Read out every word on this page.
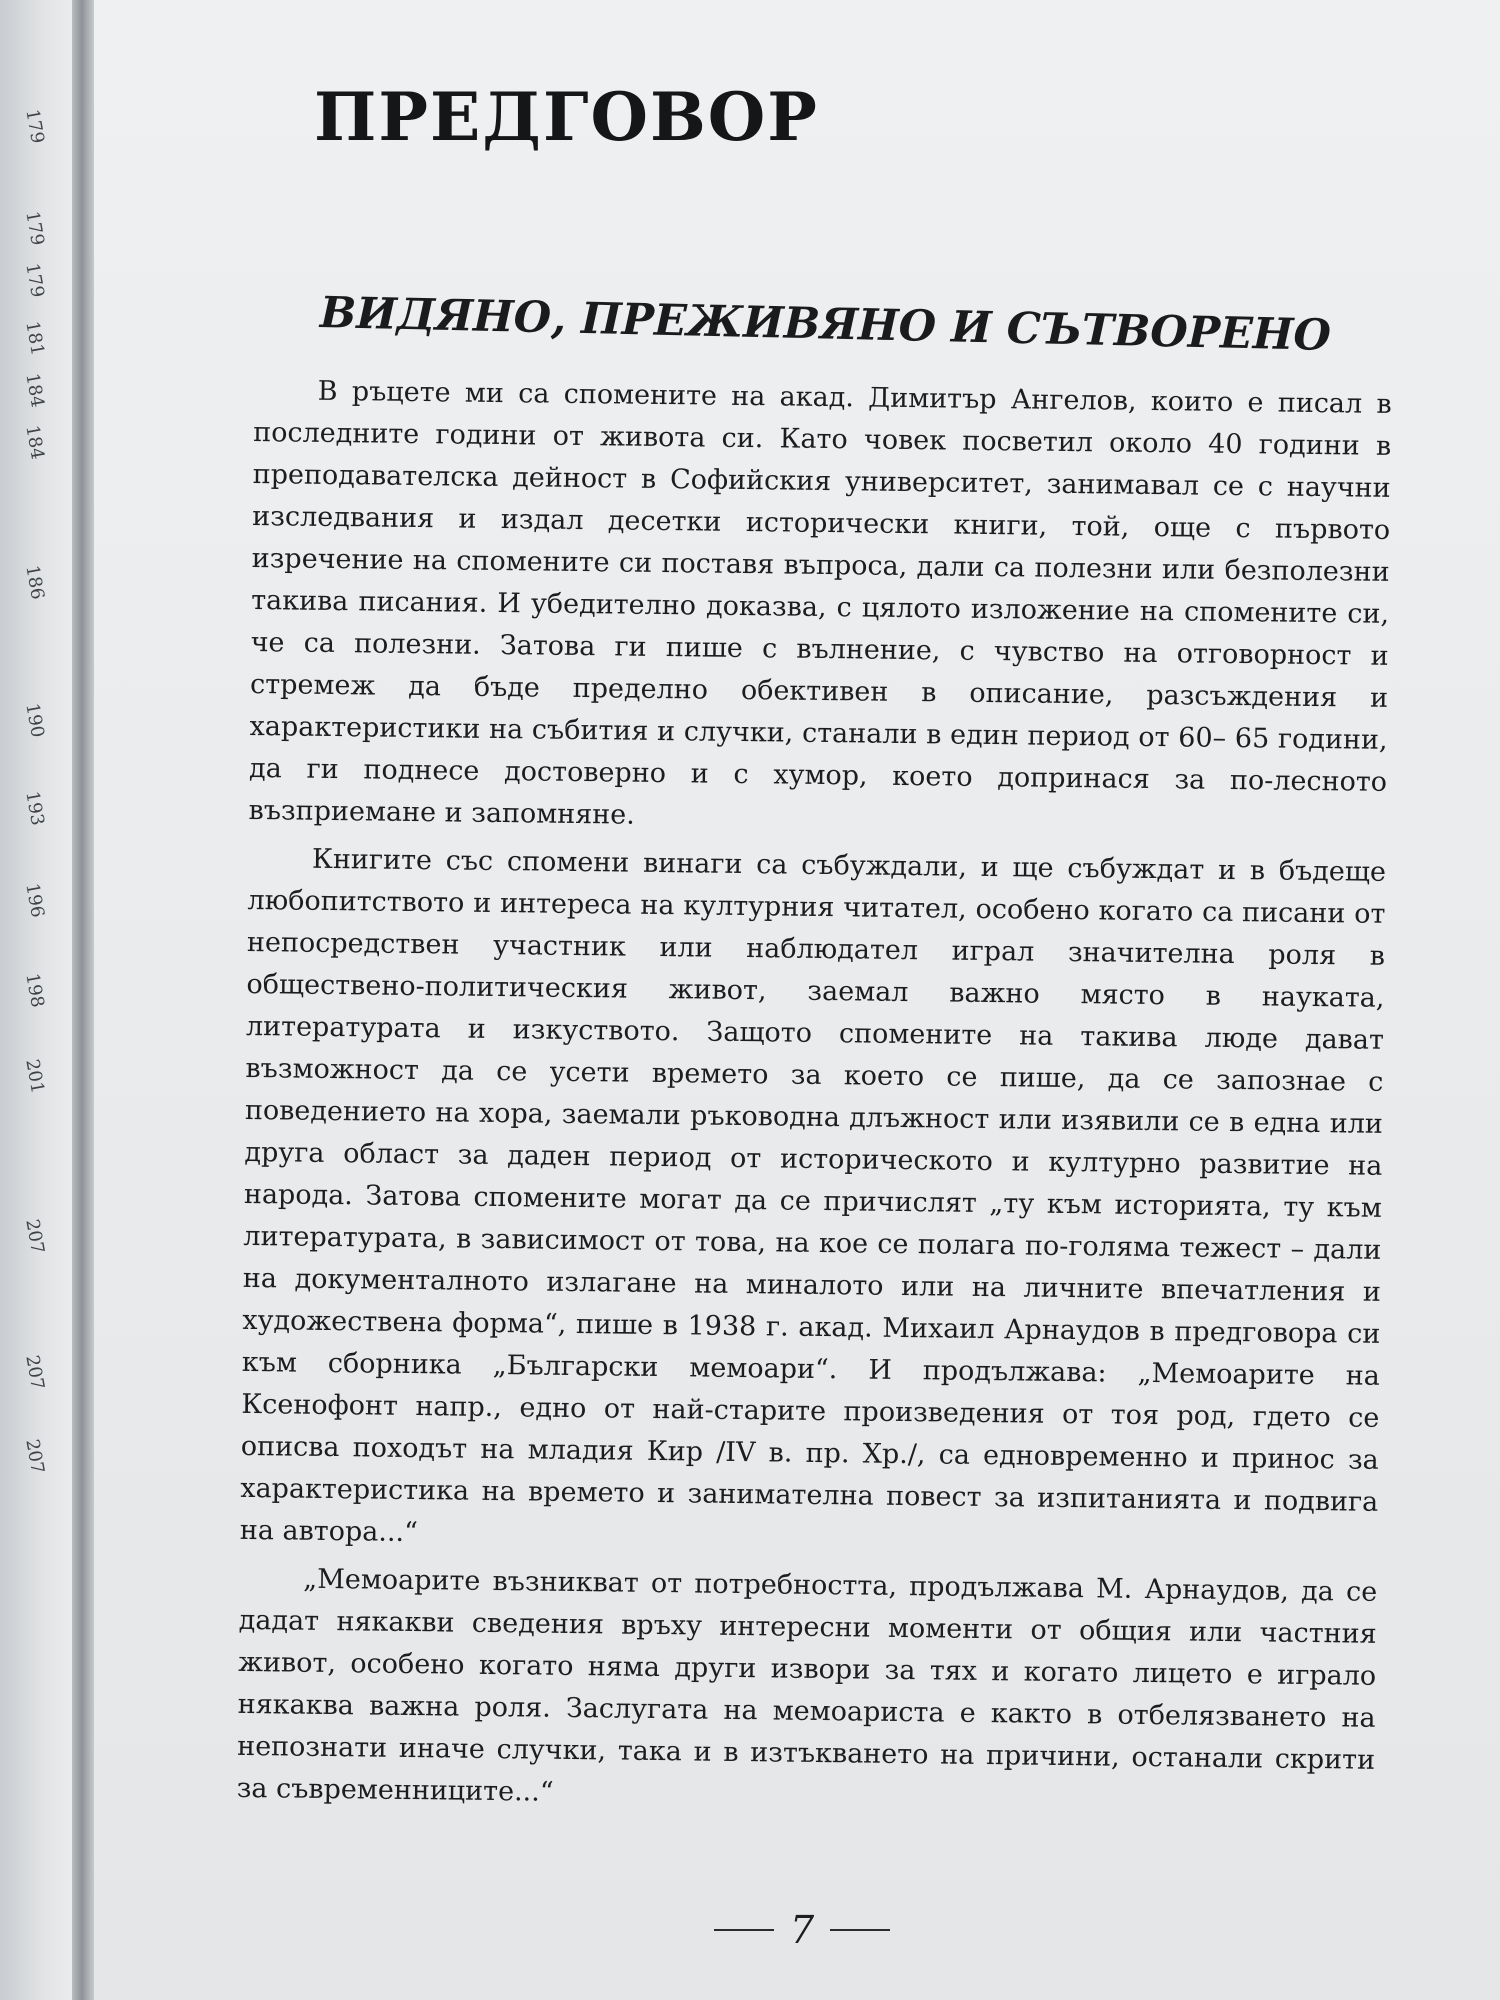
179
179
179
181
184
184
186
190
193
196
198
201
207
207
207
ПРЕДГОВОР
ВИДЯНО, ПРЕЖИВЯНО И СЪТВОРЕНО

В ръцете ми са спомените на акад. Димитър Ангелов, които е писал в последните години от живота си. Като човек посветил около 40 години в преподавателска дейност в Софийския университет, занимавал се с научни изследвания и издал десетки исторически книги, той, още с първото изречение на спомените си поставя въпроса, дали са полезни или безполезни такива писания. И убедително доказва, с цялото изложение на спомените си, че са полезни. Затова ги пише с вълнение, с чувство на отговорност и стремеж да бъде пределно обективен в описание, разсъждения и характеристики на събития и случки, станали в един период от 60– 65 години, да ги поднесе достоверно и с хумор, което допринася за по-лесното възприемане и запомняне.

Книгите със спомени винаги са събуждали, и ще събуждат и в бъдеще любопитството и интереса на културния читател, особено когато са писани от непосредствен участник или наблюдател играл значителна роля в обществено-политическия живот, заемал важно място в науката, литературата и изкуството. Защото спомените на такива люде дават възможност да се усети времето за което се пише, да се запознае с поведението на хора, заемали ръководна длъжност или изявили се в една или друга област за даден период от историческото и културно развитие на народа. Затова спомените могат да се причислят „ту към историята, ту към литературата, в зависимост от това, на кое се полага по-голяма тежест – дали на документалното излагане на миналото или на личните впечатления и художествена форма“, пише в 1938 г. акад. Михаил Арнаудов в предговора си към сборника „Български мемоари“. И продължава: „Мемоарите на Ксенофонт напр., едно от най-старите произведения от тоя род, гдето се описва походът на младия Кир /IV в. пр. Хр./, са едновременно и принос за характеристика на времето и занимателна повест за изпитанията и подвига на автора...“

„Мемоарите възникват от потребността, продължава М. Арнаудов, да се дадат някакви сведения връху интересни моменти от общия или частния живот, особено когато няма други извори за тях и когато лицето е играло някаква важна роля. Заслугата на мемоариста е както в отбелязването на непознати иначе случки, така и в изтъкването на причини, останали скрити за съвременниците...“

7
